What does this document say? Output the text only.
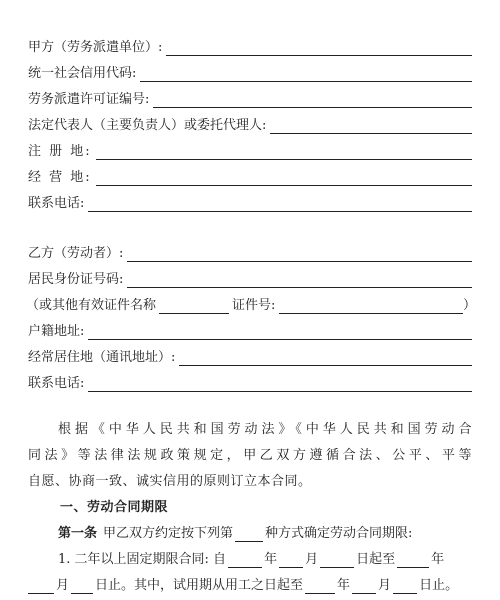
甲方（劳务派遣单位）:
统一社会信用代码:
劳务派遣许可证编号:
法定代表人（主要负责人）或委托代理人:
注 册 地:
经 营 地:
联系电话:
乙方（劳动者）:
居民身份证号码:
（或其他有效证件名称	证件号:	）
户籍地址:
经常居住地（通讯地址）:
联系电话:
根据《中华人民共和国劳动法》《中华人民共和国劳动合
同法》等法律法规政策规定，甲乙双方遵循合法、公平、平等
自愿、协商一致、诚实信用的原则订立本合同。
一、劳动合同期限
第一条 甲乙双方约定按下列第 种方式确定劳动合同期限:
1. 二年以上固定期限合同: 自	年 月	日起至	年
月 日止。其中，试用期从用工之日起至	年 月 日止。
